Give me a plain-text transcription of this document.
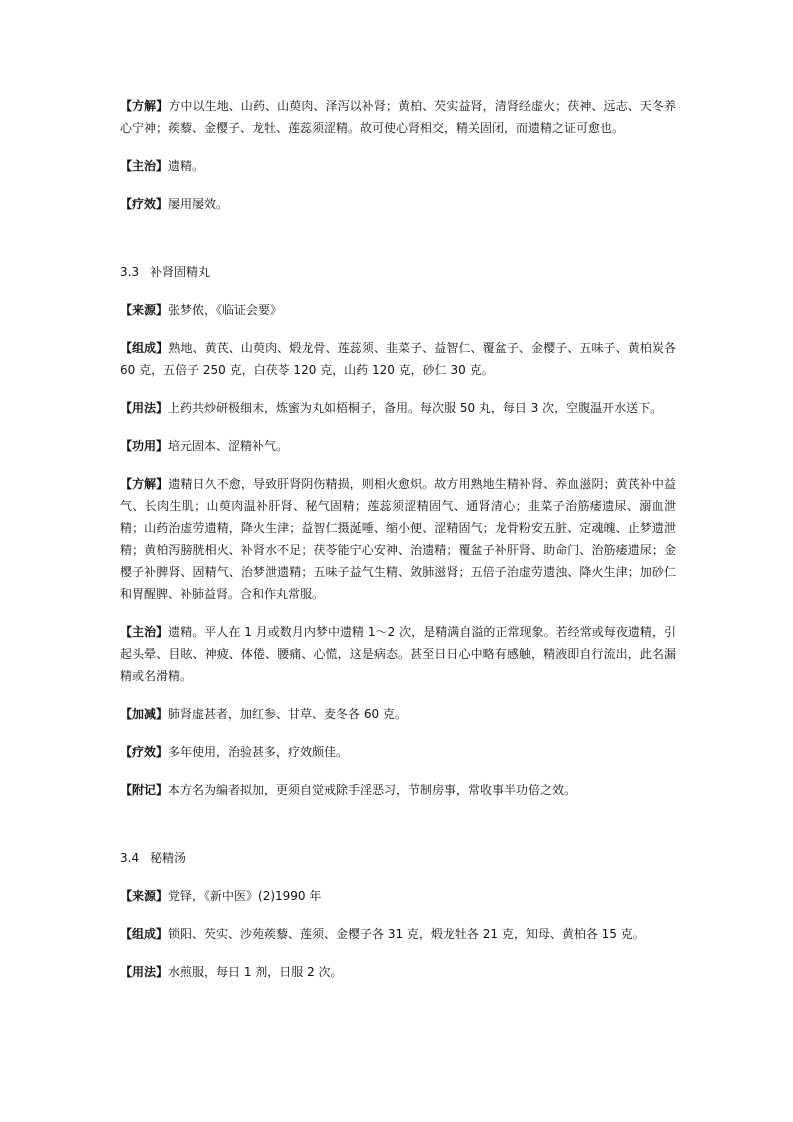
【方解】方中以生地、山药、山萸肉、泽泻以补肾；黄柏、芡实益肾，清肾经虚火；茯神、远志、天冬养心宁神；蒺藜、金樱子、龙牡、莲蕊须涩精。故可使心肾相交，精关固闭，而遗精之证可愈也。

【主治】遗精。

【疗效】屡用屡效。

3.3 补肾固精丸

【来源】张梦侬，《临证会要》

【组成】熟地、黄芪、山萸肉、煅龙骨、莲蕊须、韭菜子、益智仁、覆盆子、金樱子、五味子、黄柏炭各 60 克，五倍子 250 克，白茯苓 120 克，山药 120 克，砂仁 30 克。

【用法】上药共炒研极细末，炼蜜为丸如梧桐子，备用。每次服 50 丸，每日 3 次，空腹温开水送下。

【功用】培元固本、涩精补气。

【方解】遗精日久不愈，导致肝肾阴伤精损，则相火愈炽。故方用熟地生精补肾、养血滋阴；黄芪补中益气、长肉生肌；山萸肉温补肝肾、秘气固精；莲蕊须涩精固气、通肾清心；韭菜子治筋痿遗尿、溺血泄精；山药治虚劳遗精，降火生津；益智仁摄涎唾、缩小便、涩精固气；龙骨粉安五脏、定魂魄、止梦遗泄精；黄柏泻膀胱相火、补肾水不足；茯苓能宁心安神、治遗精；覆盆子补肝肾、助命门、治筋痿遗尿；金樱子补脾肾、固精气、治梦泄遗精；五味子益气生精、敛肺滋肾；五倍子治虚劳遗浊、降火生津；加砂仁和胃醒脾、补肺益肾。合和作丸常服。

【主治】遗精。平人在 1 月或数月内梦中遗精 1～2 次，是精满自溢的正常现象。若经常或每夜遗精，引起头晕、目眩、神疲、体倦、腰痛、心慌，这是病态。甚至日日心中略有感触，精液即自行流出，此名漏精或名滑精。

【加减】肺肾虚甚者，加红参、甘草、麦冬各 60 克。

【疗效】多年使用，治验甚多，疗效颇佳。

【附记】本方名为编者拟加，更须自觉戒除手淫恶习，节制房事，常收事半功倍之效。

3.4 秘精汤

【来源】党铎，《新中医》(2)1990 年

【组成】锁阳、芡实、沙苑蒺藜、莲须、金樱子各 31 克，煅龙牡各 21 克，知母、黄柏各 15 克。

【用法】水煎服，每日 1 剂，日服 2 次。
